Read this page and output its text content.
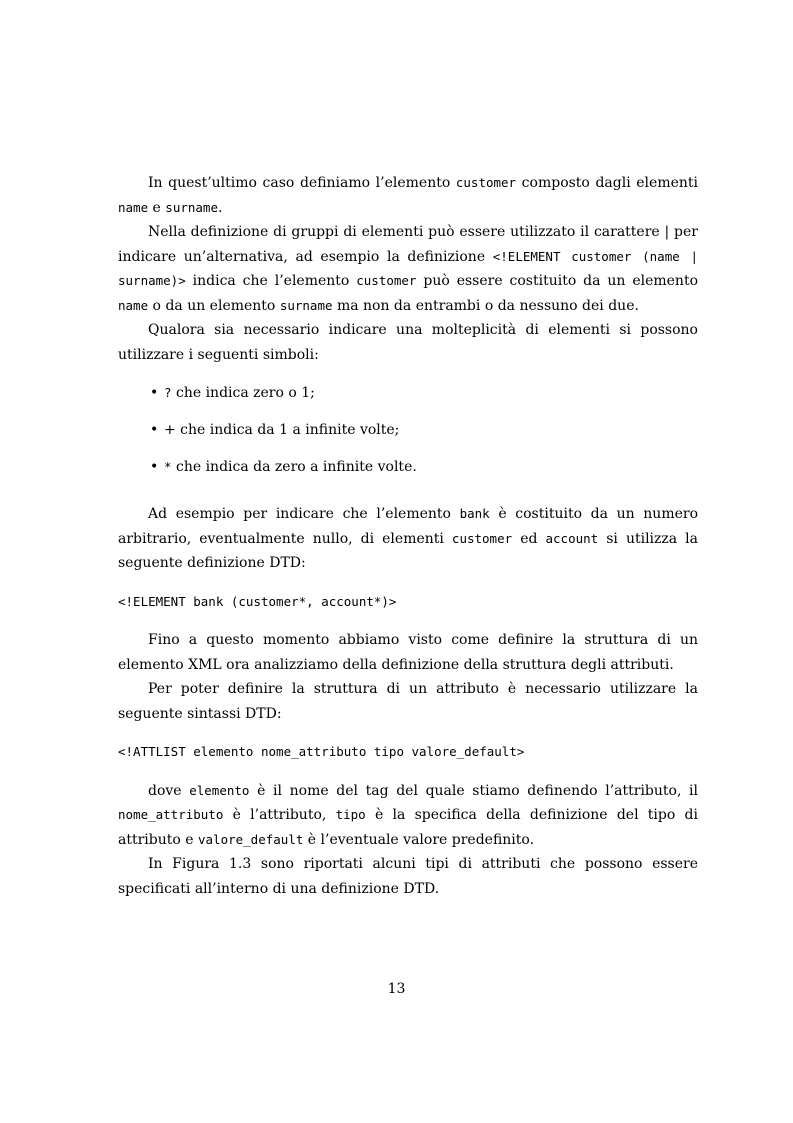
In quest’ultimo caso definiamo l’elemento customer composto dagli elementi name e surname.

Nella definizione di gruppi di elementi può essere utilizzato il carattere | per indicare un’alternativa, ad esempio la definizione <!ELEMENT customer (name | surname)> indica che l’elemento customer può essere costituito da un elemento name o da un elemento surname ma non da entrambi o da nessuno dei due.

Qualora sia necessario indicare una molteplicità di elementi si possono utilizzare i seguenti simboli:

• ? che indica zero o 1;
• + che indica da 1 a infinite volte;
• * che indica da zero a infinite volte.

Ad esempio per indicare che l’elemento bank è costituito da un numero arbitrario, eventualmente nullo, di elementi customer ed account si utilizza la seguente definizione DTD:

<!ELEMENT bank (customer*, account*)>

Fino a questo momento abbiamo visto come definire la struttura di un elemento XML ora analizziamo della definizione della struttura degli attributi.

Per poter definire la struttura di un attributo è necessario utilizzare la seguente sintassi DTD:

<!ATTLIST elemento nome_attributo tipo valore_default>

dove elemento è il nome del tag del quale stiamo definendo l’attributo, il nome_attributo è l’attributo, tipo è la specifica della definizione del tipo di attributo e valore_default è l’eventuale valore predefinito.

In Figura 1.3 sono riportati alcuni tipi di attributi che possono essere specificati all’interno di una definizione DTD.

13
